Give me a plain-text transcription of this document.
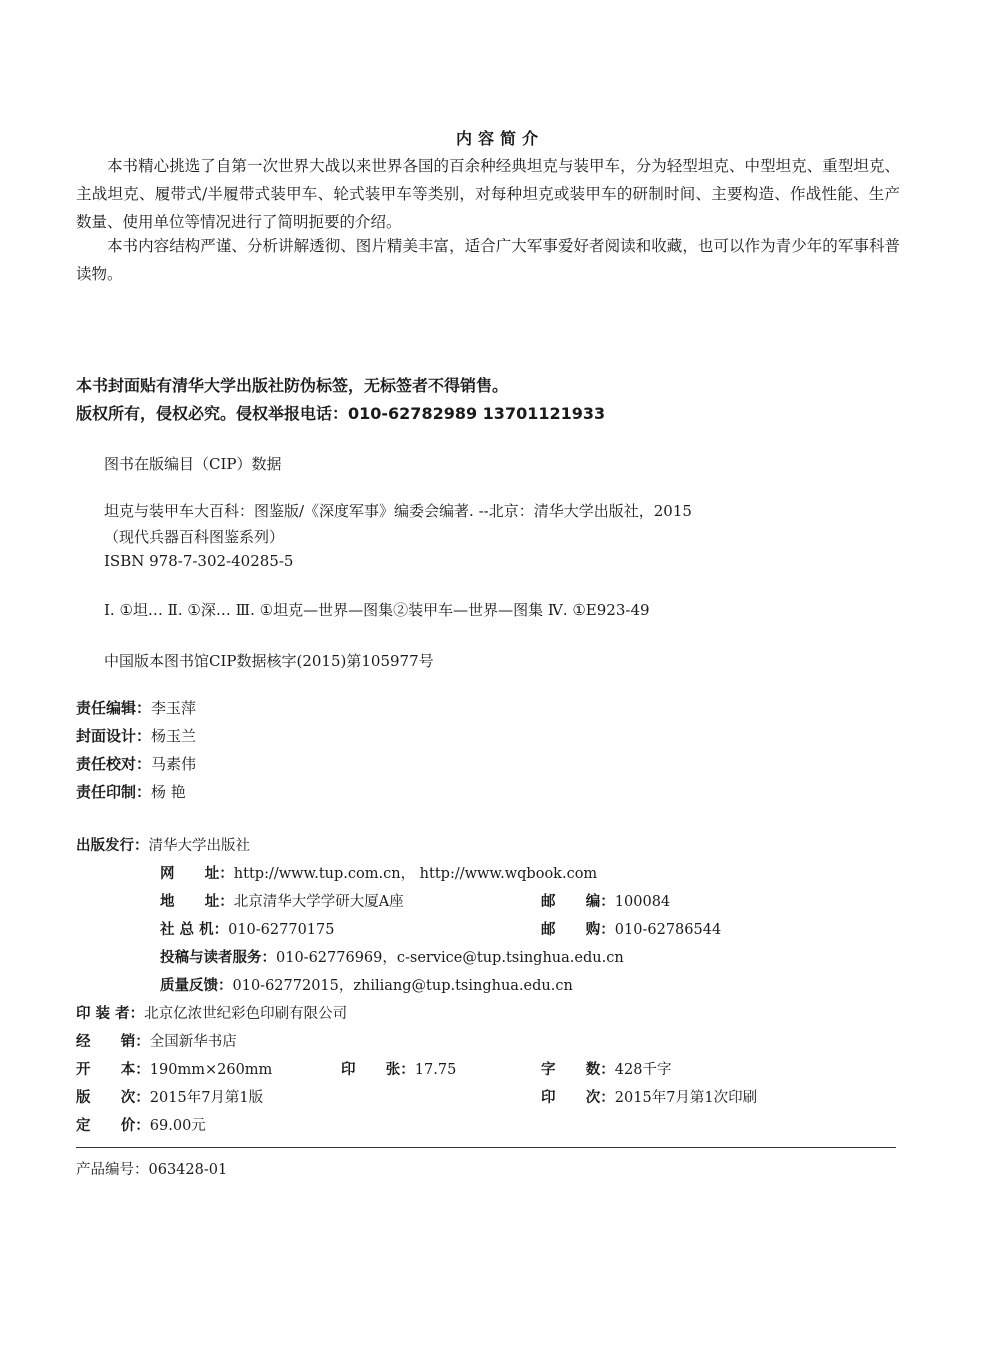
内容简介
本书精心挑选了自第一次世界大战以来世界各国的百余种经典坦克与装甲车，分为轻型坦克、中型坦克、重型坦克、主战坦克、履带式/半履带式装甲车、轮式装甲车等类别，对每种坦克或装甲车的研制时间、主要构造、作战性能、生产数量、使用单位等情况进行了简明扼要的介绍。
本书内容结构严谨、分析讲解透彻、图片精美丰富，适合广大军事爱好者阅读和收藏，也可以作为青少年的军事科普读物。
本书封面贴有清华大学出版社防伪标签，无标签者不得销售。
版权所有，侵权必究。侵权举报电话：010-62782989 13701121933
图书在版编目（CIP）数据
坦克与装甲车大百科：图鉴版/《深度军事》编委会编著. --北京：清华大学出版社，2015
（现代兵器百科图鉴系列）
ISBN 978-7-302-40285-5
Ⅰ. ①坦… Ⅱ. ①深… Ⅲ. ①坦克—世界—图集②装甲车—世界—图集 Ⅳ. ①E923-49
中国版本图书馆CIP数据核字(2015)第105977号
责任编辑：李玉萍
封面设计：杨玉兰
责任校对：马素伟
责任印制：杨 艳
出版发行：清华大学出版社
网      址：http://www.tup.com.cn， http://www.wqbook.com
地      址：北京清华大学学研大厦A座	邮      编：100084
社 总 机：010-62770175	邮      购：010-62786544
投稿与读者服务：010-62776969，c-service@tup.tsinghua.edu.cn
质量反馈：010-62772015，zhiliang@tup.tsinghua.edu.cn
印 装 者：北京亿浓世纪彩色印刷有限公司
经      销：全国新华书店
开      本：190mm×260mm	印      张：17.75	字      数：428千字
版      次：2015年7月第1版	印      次：2015年7月第1次印刷
定      价：69.00元
产品编号：063428-01
